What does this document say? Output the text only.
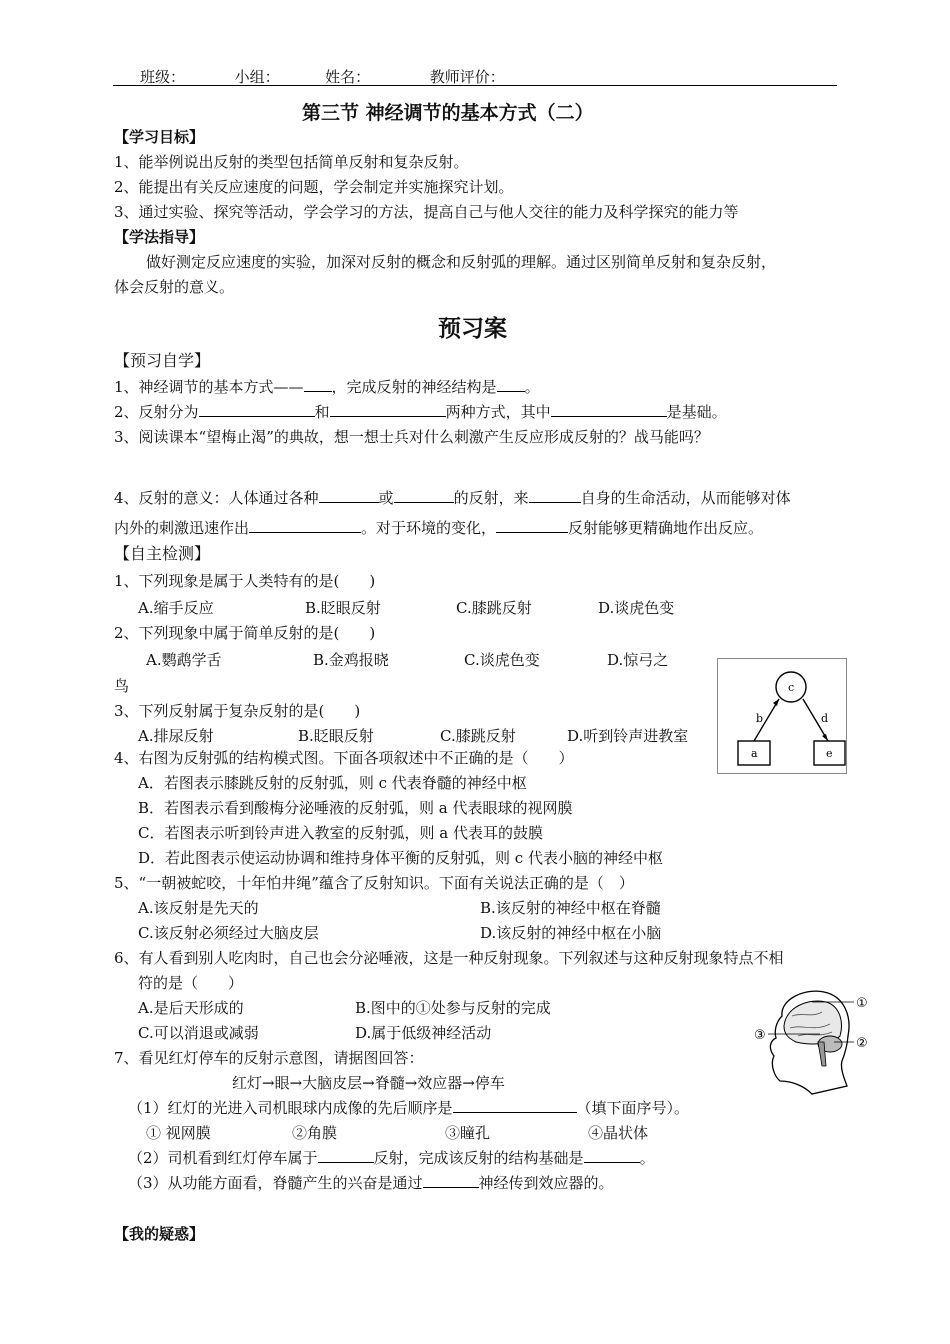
班级：	小组：	姓名：	教师评价：
第三节 神经调节的基本方式（二）
【学习目标】
1、能举例说出反射的类型包括简单反射和复杂反射。
2、能提出有关反应速度的问题，学会制定并实施探究计划。
3、通过实验、探究等活动，学会学习的方法，提高自己与他人交往的能力及科学探究的能力等
【学法指导】
做好测定反应速度的实验，加深对反射的概念和反射弧的理解。通过区别简单反射和复杂反射，
体会反射的意义。
预习案
【预习自学】
1、神经调节的基本方式—— ，完成反射的神经结构是 。
2、反射分为	和	两种方式，其中	是基础。
3、阅读课本“望梅止渴”的典故，想一想士兵对什么刺激产生反应形成反射的？战马能吗？
4、反射的意义：人体通过各种	或	的反射，来	自身的生命活动，从而能够对体
内外的刺激迅速作出	。对于环境的变化，	反射能够更精确地作出反应。
【自主检测】
1、下列现象是属于人类特有的是(　　)
A.缩手反应	B.眨眼反射	C.膝跳反射	D.谈虎色变
2、下列现象中属于简单反射的是(　　)
A.鹦鹉学舌	B.金鸡报晓	C.谈虎色变	D.惊弓之
鸟
3、下列反射属于复杂反射的是(　　)
A.排尿反射	B.眨眼反射	C.膝跳反射	D.听到铃声进教室
c
a	e
b	d
4、右图为反射弧的结构模式图。下面各项叙述中不正确的是（　　）
A．若图表示膝跳反射的反射弧，则 c 代表脊髓的神经中枢
B．若图表示看到酸梅分泌唾液的反射弧，则 a 代表眼球的视网膜
C．若图表示听到铃声进入教室的反射弧，则 a 代表耳的鼓膜
D．若此图表示使运动协调和维持身体平衡的反射弧，则 c 代表小脑的神经中枢
5、“一朝被蛇咬，十年怕井绳”蕴含了反射知识。下面有关说法正确的是（　）
A.该反射是先天的	B.该反射的神经中枢在脊髓
C.该反射必须经过大脑皮层	D.该反射的神经中枢在小脑
6、有人看到别人吃肉时，自己也会分泌唾液，这是一种反射现象。下列叙述与这种反射现象特点不相
符的是（　　）
A.是后天形成的	B.图中的①处参与反射的完成
C.可以消退或减弱	D.属于低级神经活动
①
②
③
7、看见红灯停车的反射示意图，请据图回答：
红灯→眼→大脑皮层→脊髓→效应器→停车
（1）红灯的光进入司机眼球内成像的先后顺序是	（填下面序号）。
① 视网膜	②角膜	③瞳孔	④晶状体
（2）司机看到红灯停车属于	反射，完成该反射的结构基础是	。
（3）从功能方面看，脊髓产生的兴奋是通过	神经传到效应器的。
【我的疑惑】
